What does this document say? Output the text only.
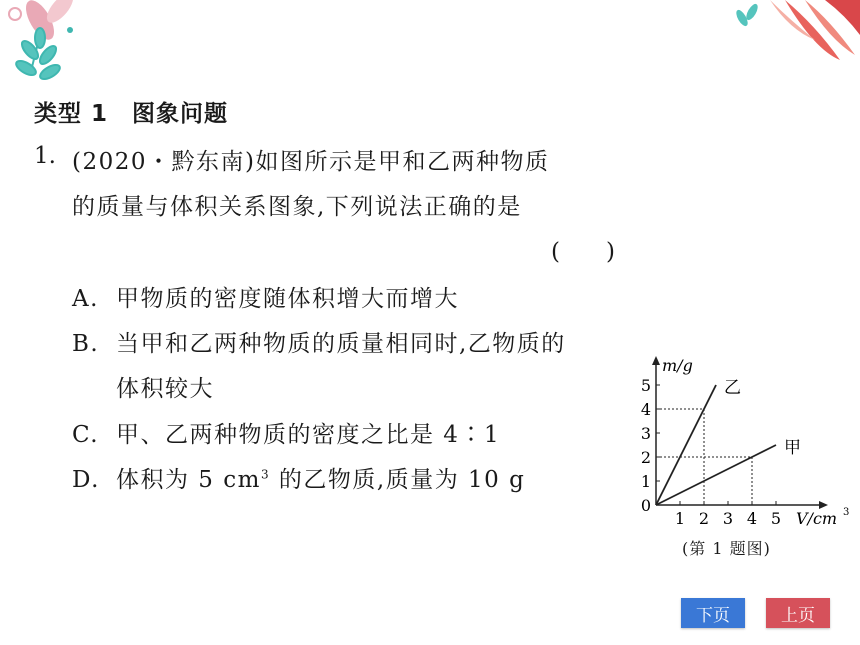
类型 1　图象问题
1. (2020・黔东南)如图所示是甲和乙两种物质
的质量与体积关系图象,下列说法正确的是
(　　)
A. 甲物质的密度随体积增大而增大
B. 当甲和乙两种物质的质量相同时,乙物质的
体积较大
C. 甲、乙两种物质的密度之比是 4∶1
D. 体积为 5 $cm^3$ 的乙物质,质量为 10 g
1 2 3 4 5
0
1
2
3
4
5
甲
乙
m/g
V/cm 3
(第 1 题图)
下页	上页
